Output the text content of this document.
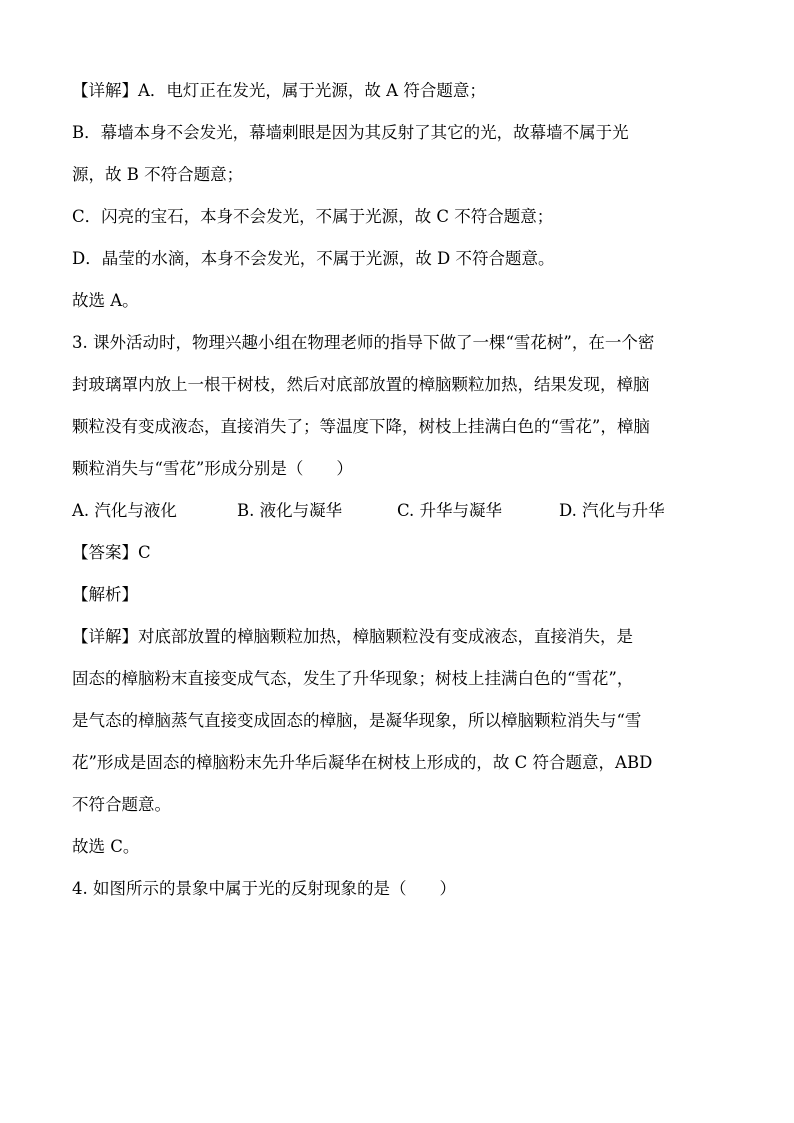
【详解】A．电灯正在发光，属于光源，故 A 符合题意；
B．幕墙本身不会发光，幕墙刺眼是因为其反射了其它的光，故幕墙不属于光
源，故 B 不符合题意；
C．闪亮的宝石，本身不会发光，不属于光源，故 C 不符合题意；
D．晶莹的水滴，本身不会发光，不属于光源，故 D 不符合题意。
故选 A。
3. 课外活动时，物理兴趣小组在物理老师的指导下做了一棵“雪花树”，在一个密
封玻璃罩内放上一根干树枝，然后对底部放置的樟脑颗粒加热，结果发现，樟脑
颗粒没有变成液态，直接消失了；等温度下降，树枝上挂满白色的“雪花”，樟脑
颗粒消失与“雪花”形成分别是（　　）
A. 汽化与液化	B. 液化与凝华	C. 升华与凝华	D. 汽化与升华
【答案】C
【解析】
【详解】对底部放置的樟脑颗粒加热，樟脑颗粒没有变成液态，直接消失，是
固态的樟脑粉末直接变成气态，发生了升华现象；树枝上挂满白色的“雪花”，
是气态的樟脑蒸气直接变成固态的樟脑，是凝华现象，所以樟脑颗粒消失与“雪
花”形成是固态的樟脑粉末先升华后凝华在树枝上形成的，故 C 符合题意，ABD
不符合题意。
故选 C。
4. 如图所示的景象中属于光的反射现象的是（　　）
